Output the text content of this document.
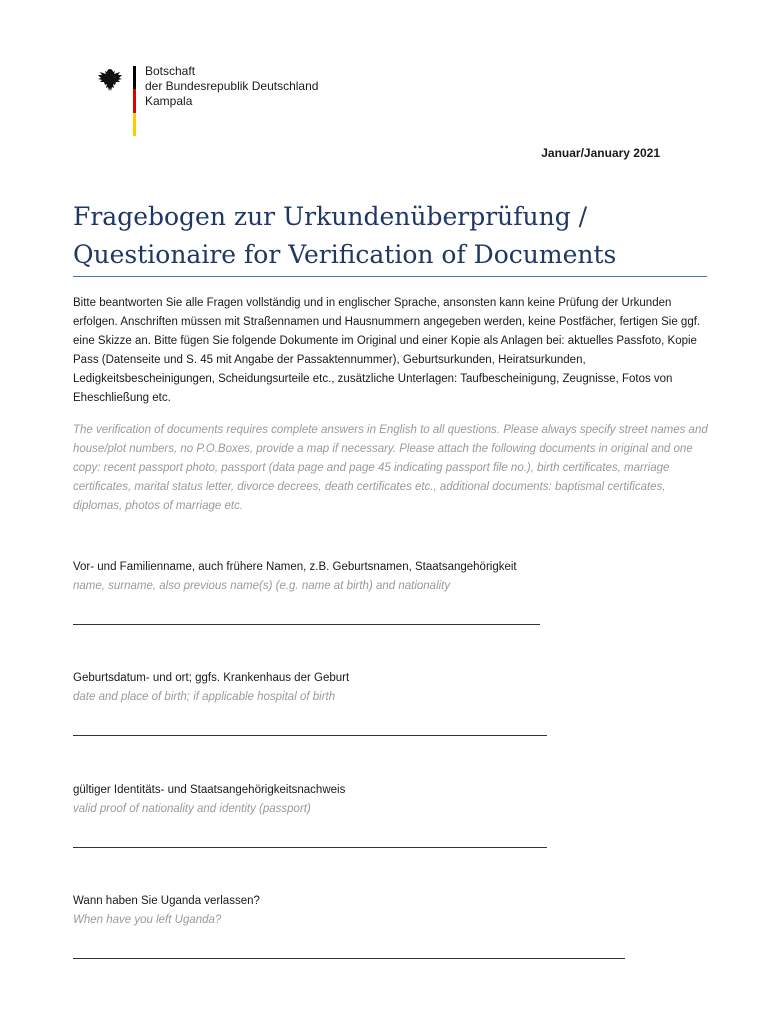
Botschaft
der Bundesrepublik Deutschland
Kampala
Januar/January 2021
Fragebogen zur Urkundenüberprüfung /
Questionaire for Verification of Documents
Bitte beantworten Sie alle Fragen vollständig und in englischer Sprache, ansonsten kann keine Prüfung der Urkunden erfolgen. Anschriften müssen mit Straßennamen und Hausnummern angegeben werden, keine Postfächer, fertigen Sie ggf. eine Skizze an. Bitte fügen Sie folgende Dokumente im Original und einer Kopie als Anlagen bei: aktuelles Passfoto, Kopie Pass (Datenseite und S. 45 mit Angabe der Passaktennummer), Geburtsurkunden, Heiratsurkunden, Ledigkeitsbescheinigungen, Scheidungsurteile etc., zusätzliche Unterlagen: Taufbescheinigung, Zeugnisse, Fotos von Eheschließung etc.
The verification of documents requires complete answers in English to all questions. Please always specify street names and house/plot numbers, no P.O.Boxes, provide a map if necessary. Please attach the following documents in original and one copy: recent passport photo, passport (data page and page 45 indicating passport file no.), birth certificates, marriage certificates, marital status letter, divorce decrees, death certificates etc., additional documents: baptismal certificates, diplomas, photos of marriage etc.
Vor- und Familienname, auch frühere Namen, z.B. Geburtsnamen, Staatsangehörigkeit
name, surname, also previous name(s) (e.g. name at birth) and nationality
Geburtsdatum- und ort; ggfs. Krankenhaus der Geburt
date and place of birth; if applicable hospital of birth
gültiger Identitäts- und Staatsangehörigkeitsnachweis
valid proof of nationality and identity (passport)
Wann haben Sie Uganda verlassen?
When have you left Uganda?
